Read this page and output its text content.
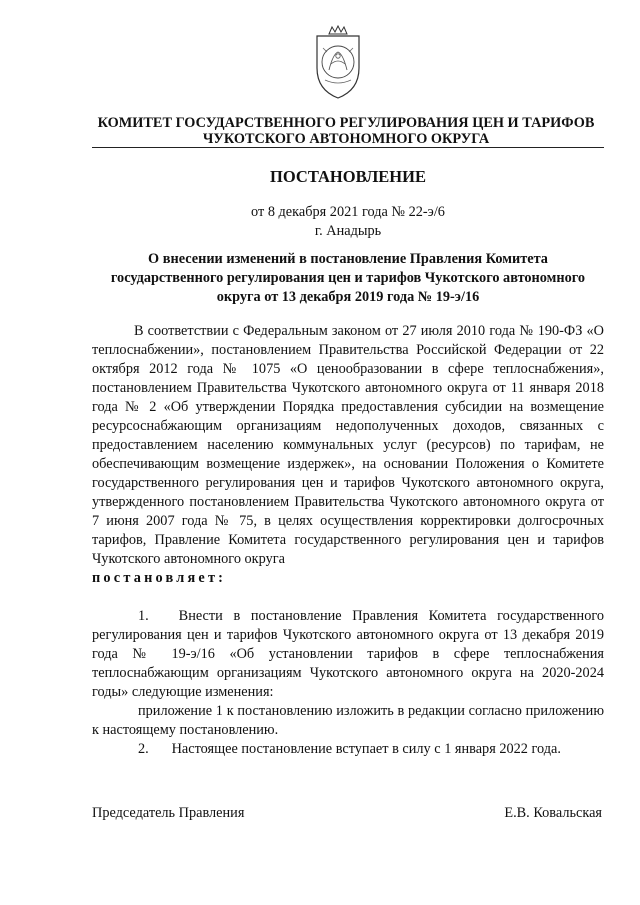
КОМИТЕТ ГОСУДАРСТВЕННОГО РЕГУЛИРОВАНИЯ ЦЕН И ТАРИФОВ
ЧУКОТСКОГО АВТОНОМНОГО ОКРУГА
ПОСТАНОВЛЕНИЕ
от 8 декабря 2021 года № 22-э/6
г. Анадырь
О внесении изменений в постановление Правления Комитета государственного регулирования цен и тарифов Чукотского автономного округа от 13 декабря 2019 года № 19-э/16

В соответствии с Федеральным законом от 27 июля 2010 года № 190-ФЗ «О теплоснабжении», постановлением Правительства Российской Федерации от 22 октября 2012 года № 1075 «О ценообразовании в сфере теплоснабжения», постановлением Правительства Чукотского автономного округа от 11 января 2018 года № 2 «Об утверждении Порядка предоставления субсидии на возмещение ресурсоснабжающим организациям недополученных доходов, связанных с предоставлением населению коммунальных услуг (ресурсов) по тарифам, не обеспечивающим возмещение издержек», на основании Положения о Комитете государственного регулирования цен и тарифов Чукотского автономного округа, утвержденного постановлением Правительства Чукотского автономного округа от 7 июня 2007 года № 75, в целях осуществления корректировки долгосрочных тарифов, Правление Комитета государственного регулирования цен и тарифов Чукотского автономного округа

постановляет:

1. Внести в постановление Правления Комитета государственного регулирования цен и тарифов Чукотского автономного округа от 13 декабря 2019 года № 19-э/16 «Об установлении тарифов в сфере теплоснабжения теплоснабжающим организациям Чукотского автономного округа на 2020-2024 годы» следующие изменения:

приложение 1 к постановлению изложить в редакции согласно приложению к настоящему постановлению.

2. Настоящее постановление вступает в силу с 1 января 2022 года.

Председатель Правления	Е.В. Ковальская
